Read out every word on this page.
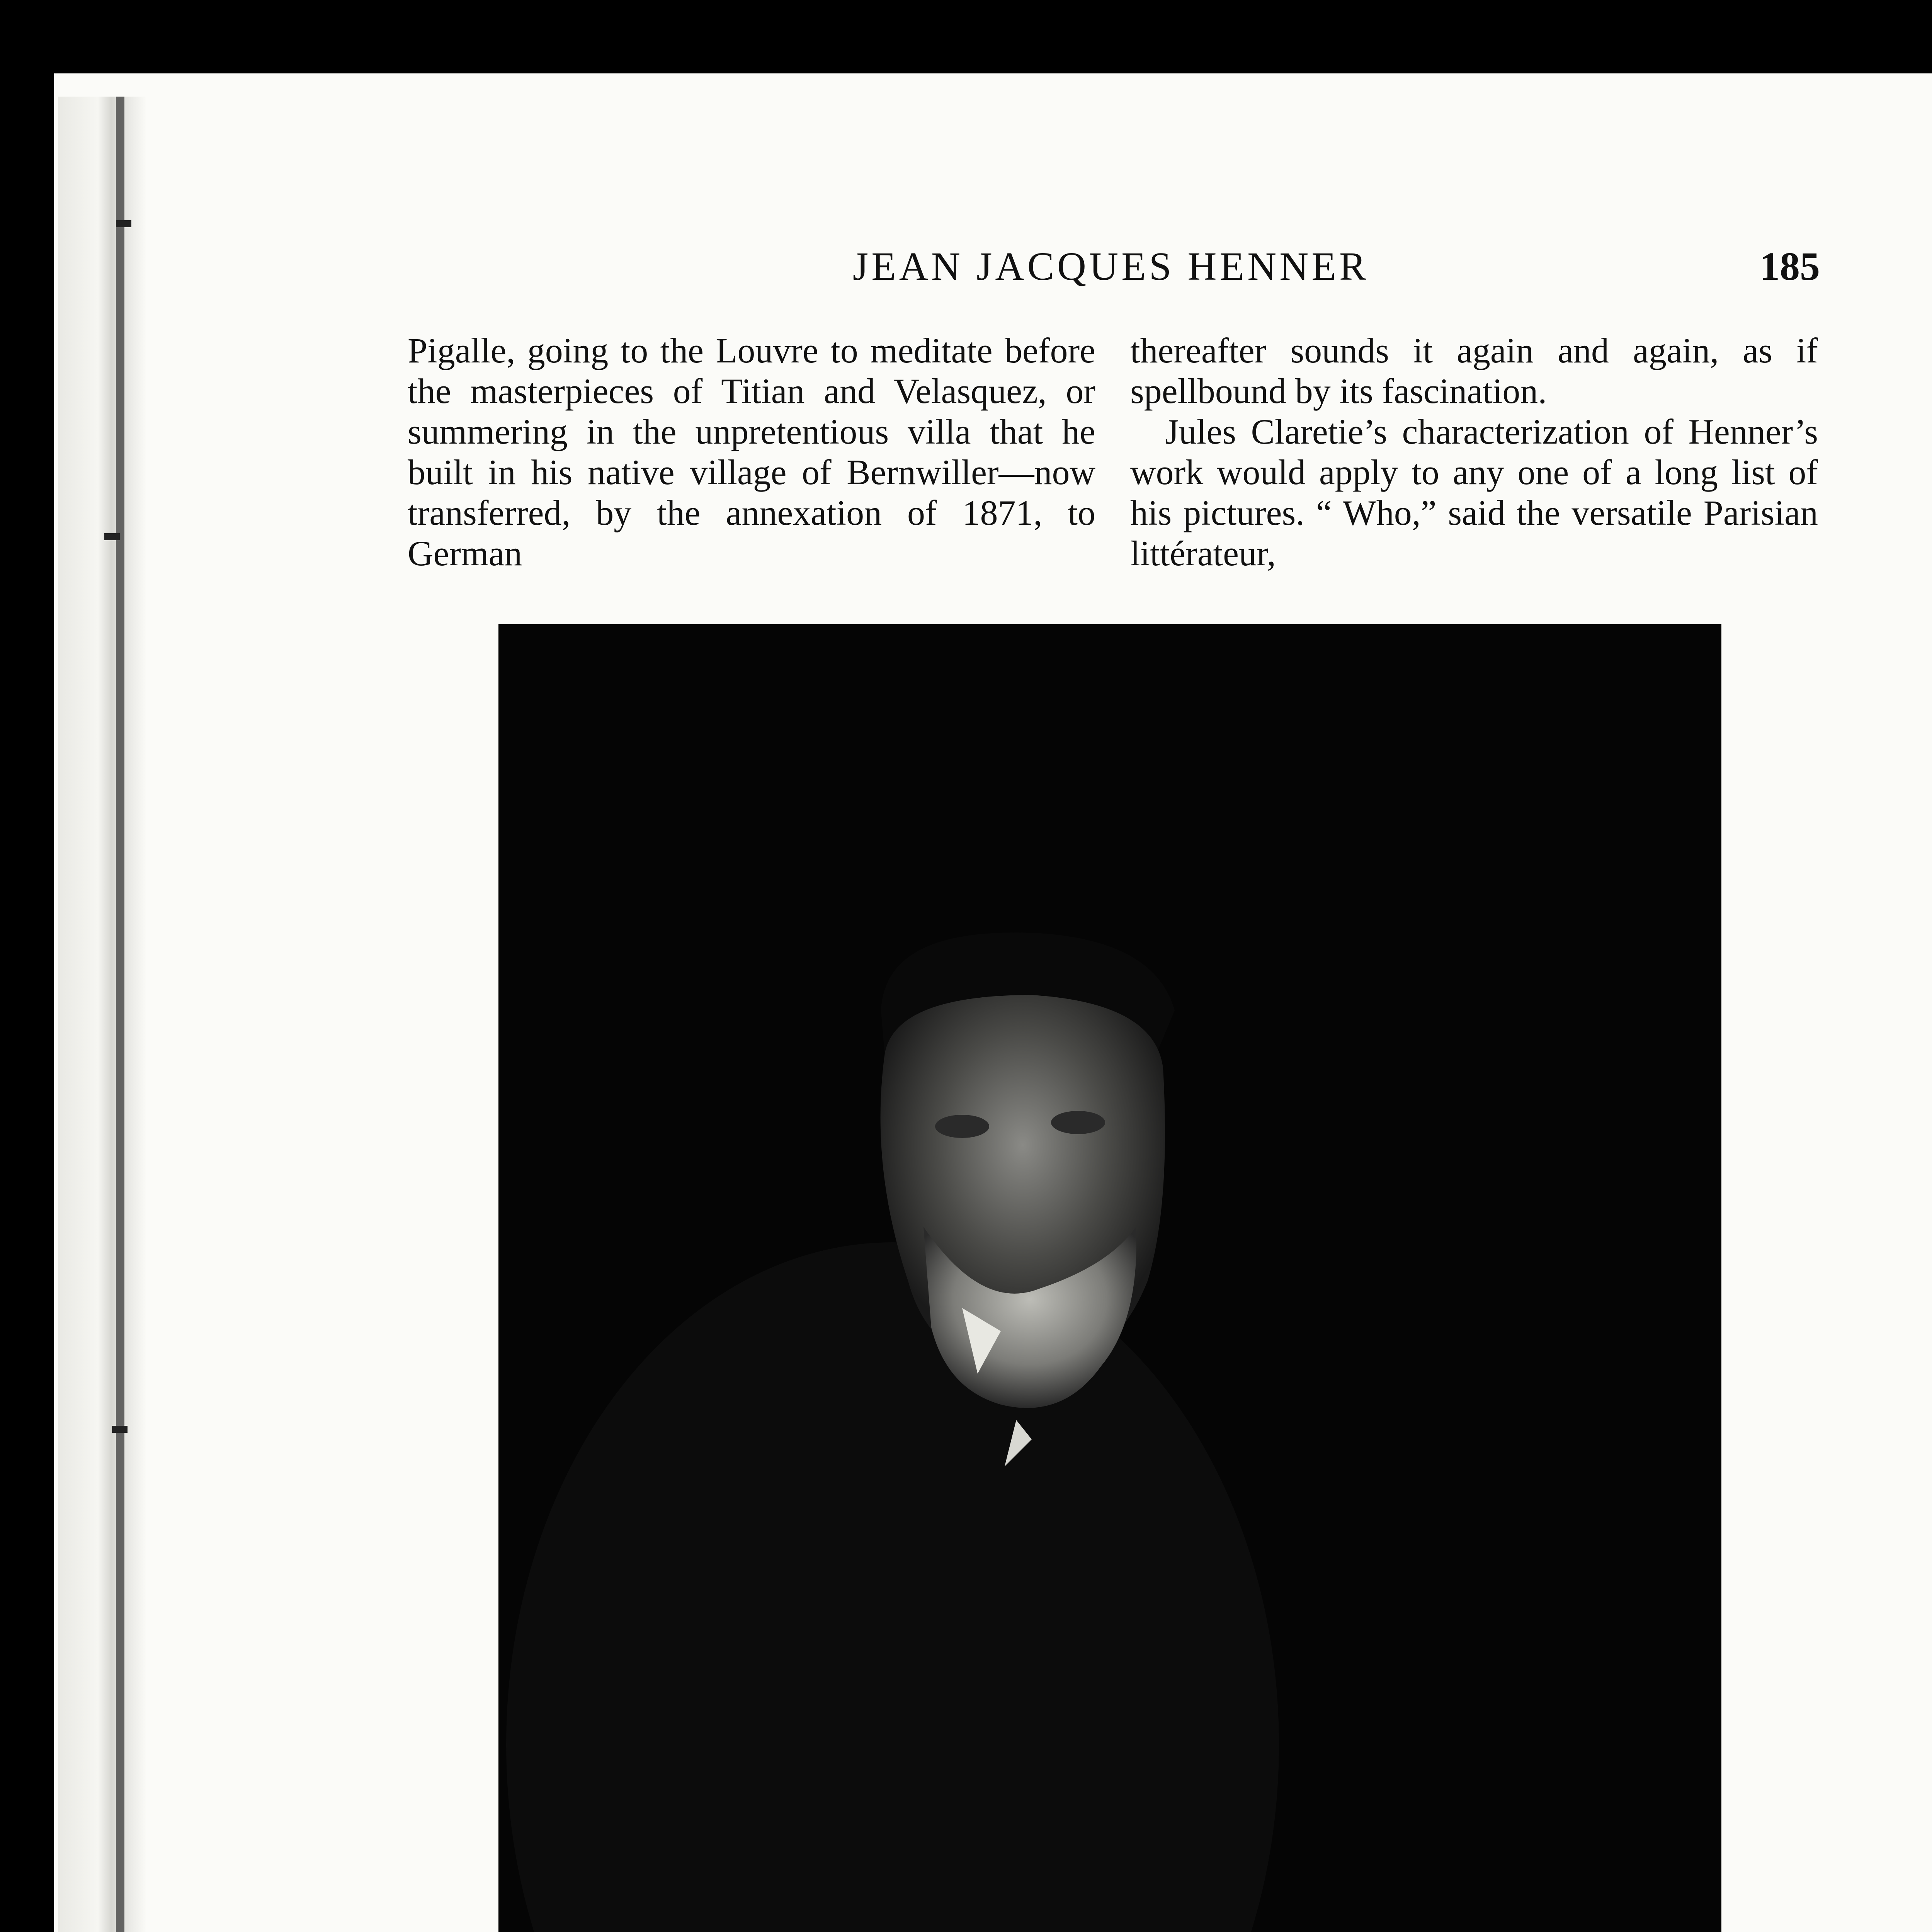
JEAN JACQUES HENNER	185

Pigalle, going to the Louvre to meditate before the masterpieces of Titian and Velasquez, or summering in the unpretentious villa that he built in his native village of Bernwiller—now transferred, by the annexation of 1871, to German

thereafter sounds it again and again, as if spellbound by its fascination.

Jules Claretie’s characterization of Henner’s work would apply to any one of a long list of his pictures. “ Who,” said the versatile Parisian littérateur,
